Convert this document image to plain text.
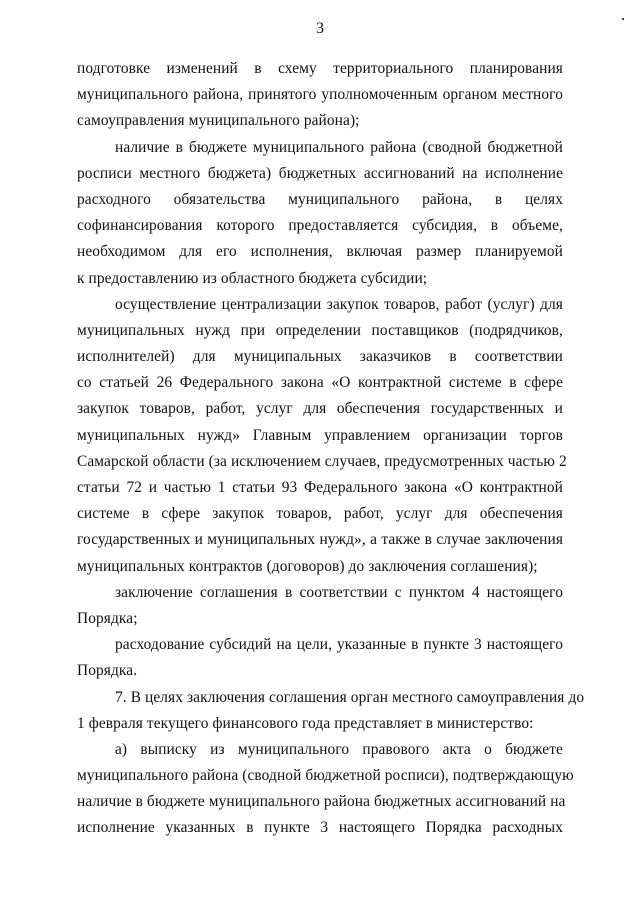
3
подготовке изменений в схему территориального планирования
муниципального района, принятого уполномоченным органом местного
самоуправления муниципального района);
наличие в бюджете муниципального района (сводной бюджетной
росписи местного бюджета) бюджетных ассигнований на исполнение
расходного обязательства муниципального района, в целях
софинансирования которого предоставляется субсидия, в объеме,
необходимом для его исполнения, включая размер планируемой
к предоставлению из областного бюджета субсидии;
осуществление централизации закупок товаров, работ (услуг) для
муниципальных нужд при определении поставщиков (подрядчиков,
исполнителей) для муниципальных заказчиков в соответствии
со статьей 26 Федерального закона «О контрактной системе в сфере
закупок товаров, работ, услуг для обеспечения государственных и
муниципальных нужд» Главным управлением организации торгов
Самарской области (за исключением случаев, предусмотренных частью 2
статьи 72 и частью 1 статьи 93 Федерального закона «О контрактной
системе в сфере закупок товаров, работ, услуг для обеспечения
государственных и муниципальных нужд», а также в случае заключения
муниципальных контрактов (договоров) до заключения соглашения);
заключение соглашения в соответствии с пунктом 4 настоящего
Порядка;
расходование субсидий на цели, указанные в пункте 3 настоящего
Порядка.
7. В целях заключения соглашения орган местного самоуправления до
1 февраля текущего финансового года представляет в министерство:
а) выписку из муниципального правового акта о бюджете
муниципального района (сводной бюджетной росписи), подтверждающую
наличие в бюджете муниципального района бюджетных ассигнований на
исполнение указанных в пункте 3 настоящего Порядка расходных
